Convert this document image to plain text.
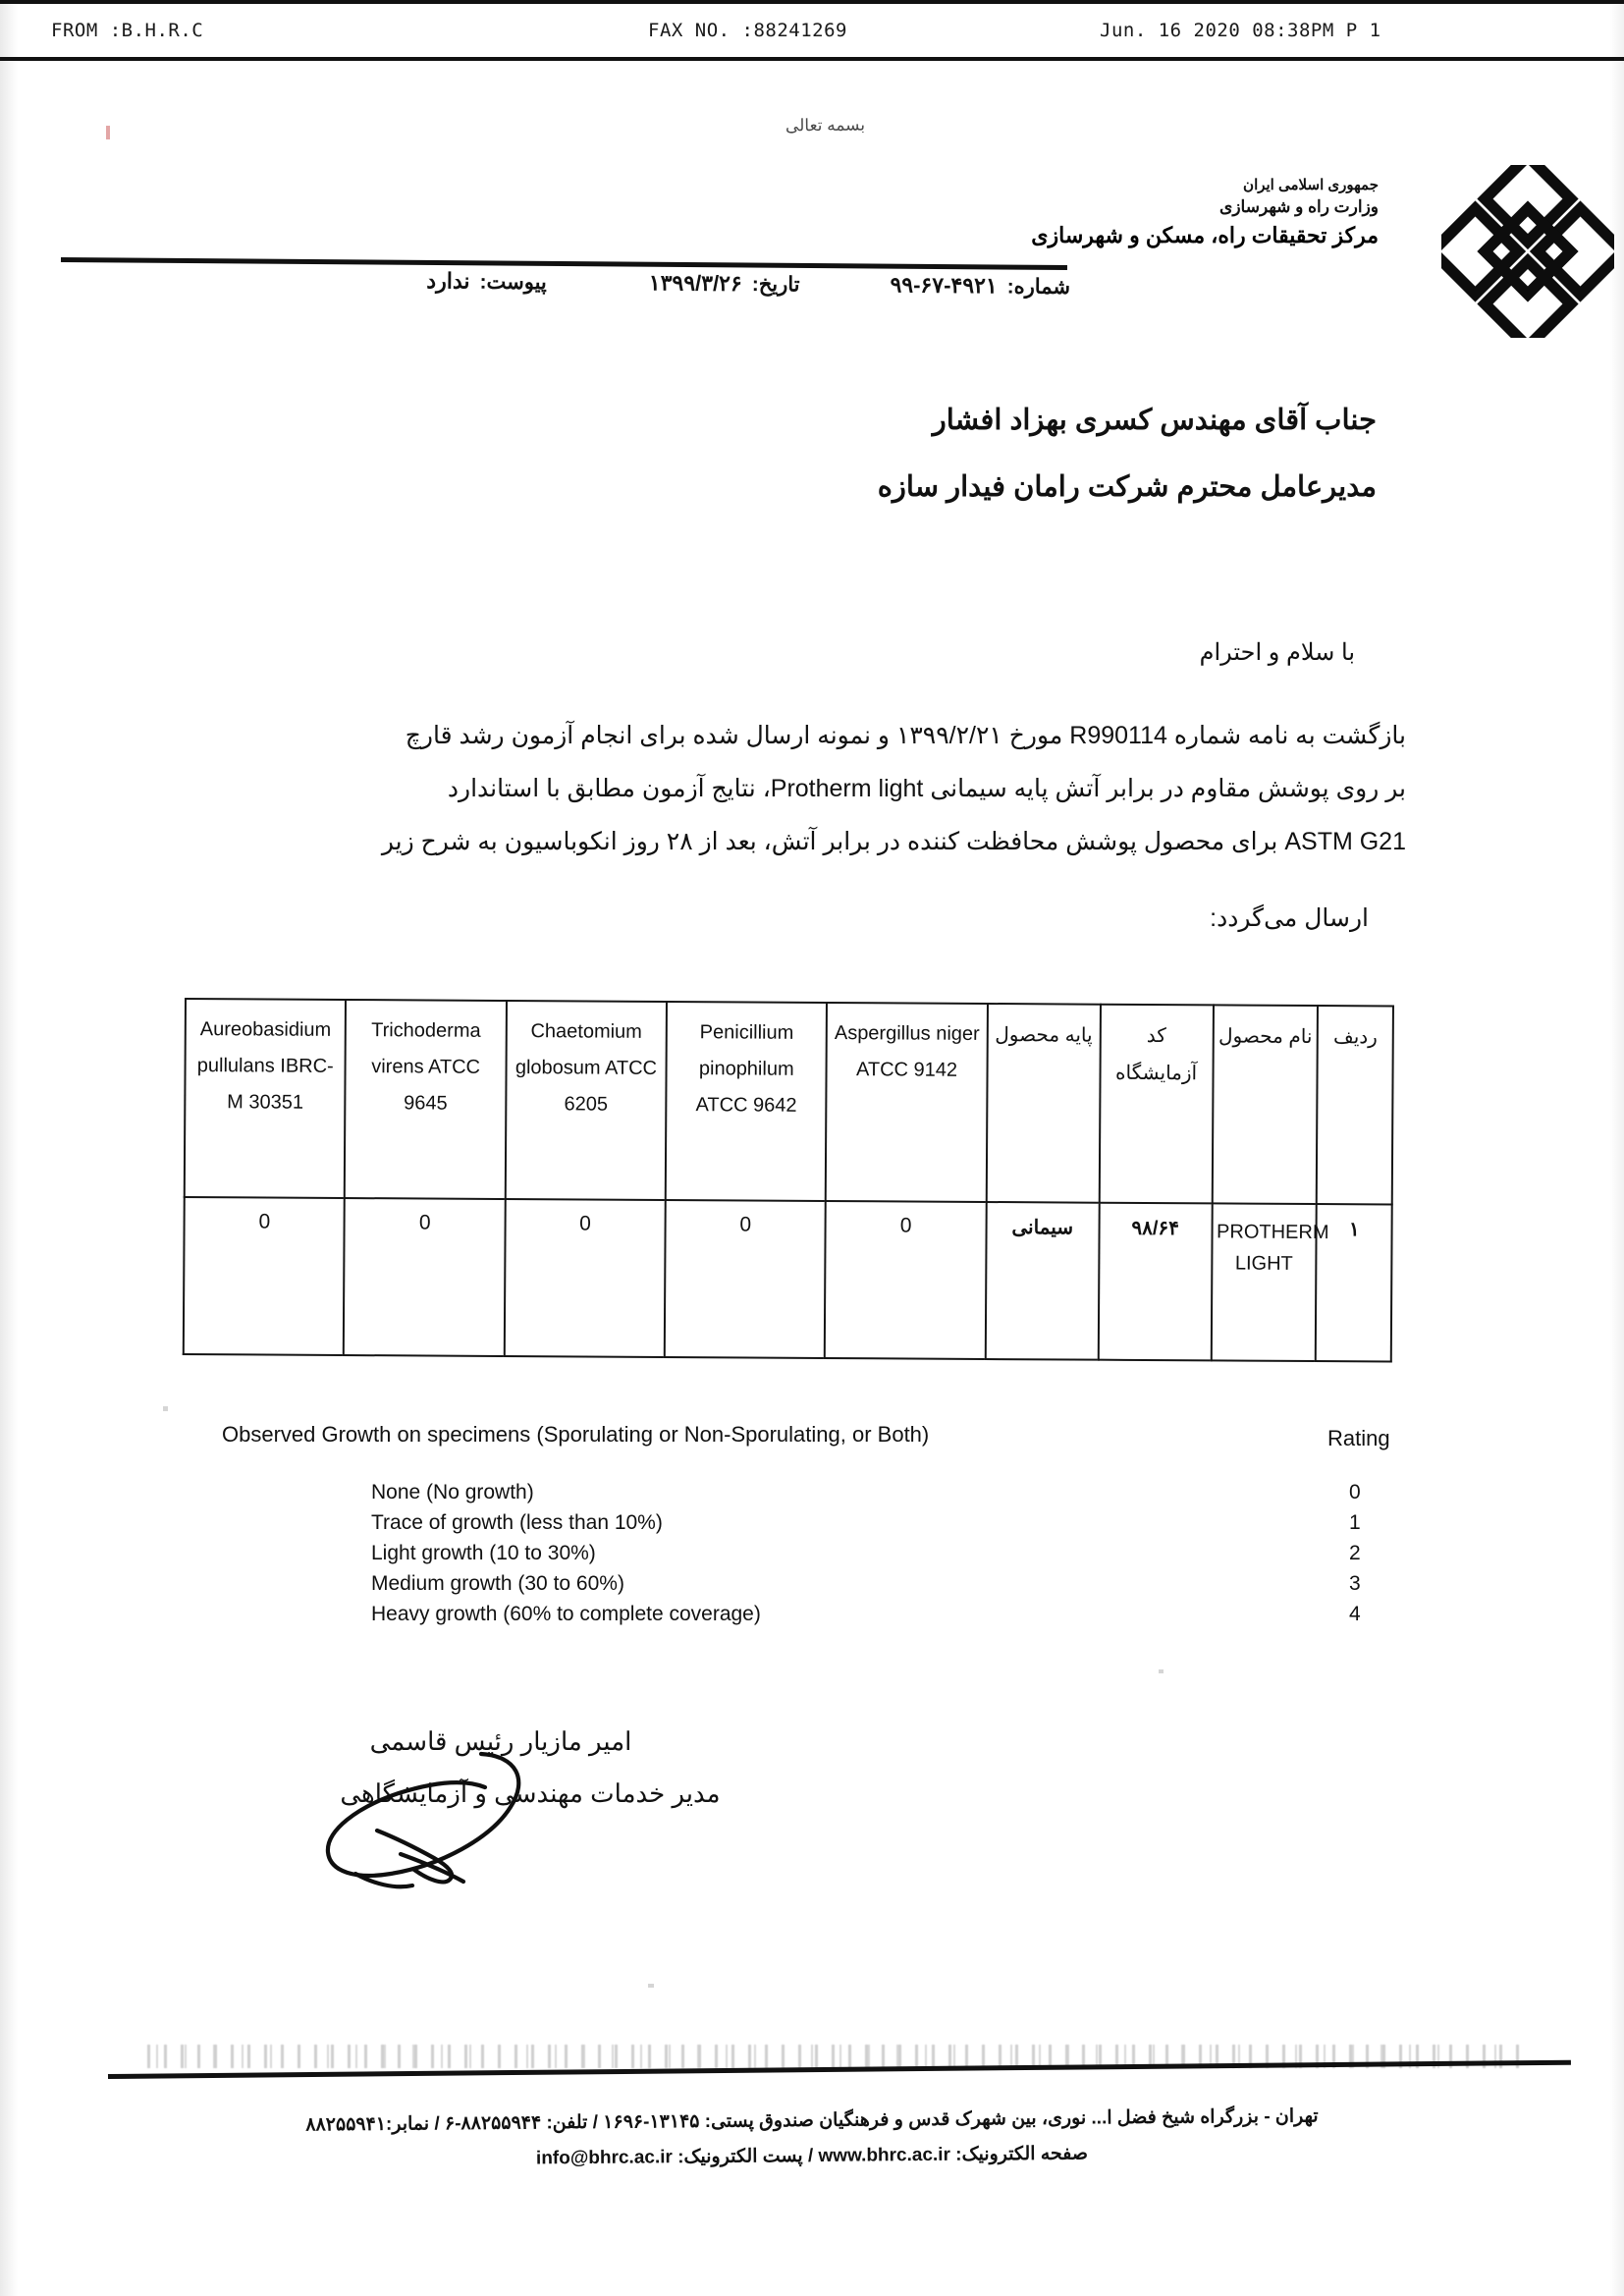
FROM :B.H.R.C	FAX NO. :88241269	Jun. 16 2020 08:38PM P 1
بسمه تعالی
جمهوری اسلامی ایران
وزارت راه و شهرسازی
مرکز تحقیقات راه، مسکن و شهرسازی
شماره:
۹۹-۶۷-۴۹۲۱
تاریخ:
۱۳۹۹/۳/۲۶
پیوست:
ندارد
جناب آقای مهندس کسری بهزاد افشار
مدیرعامل محترم شرکت رامان فیدار سازه
با سلام و احترام
بازگشت به نامه شماره R990114 مورخ ۱۳۹۹/۲/۲۱ و نمونه ارسال شده برای انجام آزمون رشد قارچ
بر روی پوشش مقاوم در برابر آتش پایه سیمانی Protherm light، نتایج آزمون مطابق با استاندارد
ASTM G21 برای محصول پوشش محافظت کننده در برابر آتش، بعد از ۲۸ روز انکوباسیون به شرح زیر
ارسال می‌گردد:
ردیف	نام محصول	کد آزمایشگاه	پایه محصول	Aspergillus niger ATCC 9142	Penicillium pinophilum ATCC 9642	Chaetomium globosum ATCC 6205	Trichoderma virens ATCC 9645	Aureobasidium pullulans IBRC-M 30351
۱	PROTHERM LIGHT	۹۸/۶۴	سیمانی	0	0	0	0	0
Observed Growth on specimens (Sporulating or Non-Sporulating, or Both)	Rating
None (No growth)	0
Trace of growth (less than 10%)	1
Light growth (10 to 30%)	2
Medium growth (30 to 60%)	3
Heavy growth (60% to complete coverage)	4
امیر مازیار رئیس قاسمی
مدیر خدمات مهندسی و آزمایشگاهی
تهران - بزرگراه شیخ فضل ا... نوری، بین شهرک قدس و فرهنگیان صندوق پستی: ۱۳۱۴۵-۱۶۹۶ / تلفن: ۸۸۲۵۵۹۴۴-۶ / نمابر:۸۸۲۵۵۹۴۱
صفحه الکترونیک: www.bhrc.ac.ir / پست الکترونیک: info@bhrc.ac.ir
